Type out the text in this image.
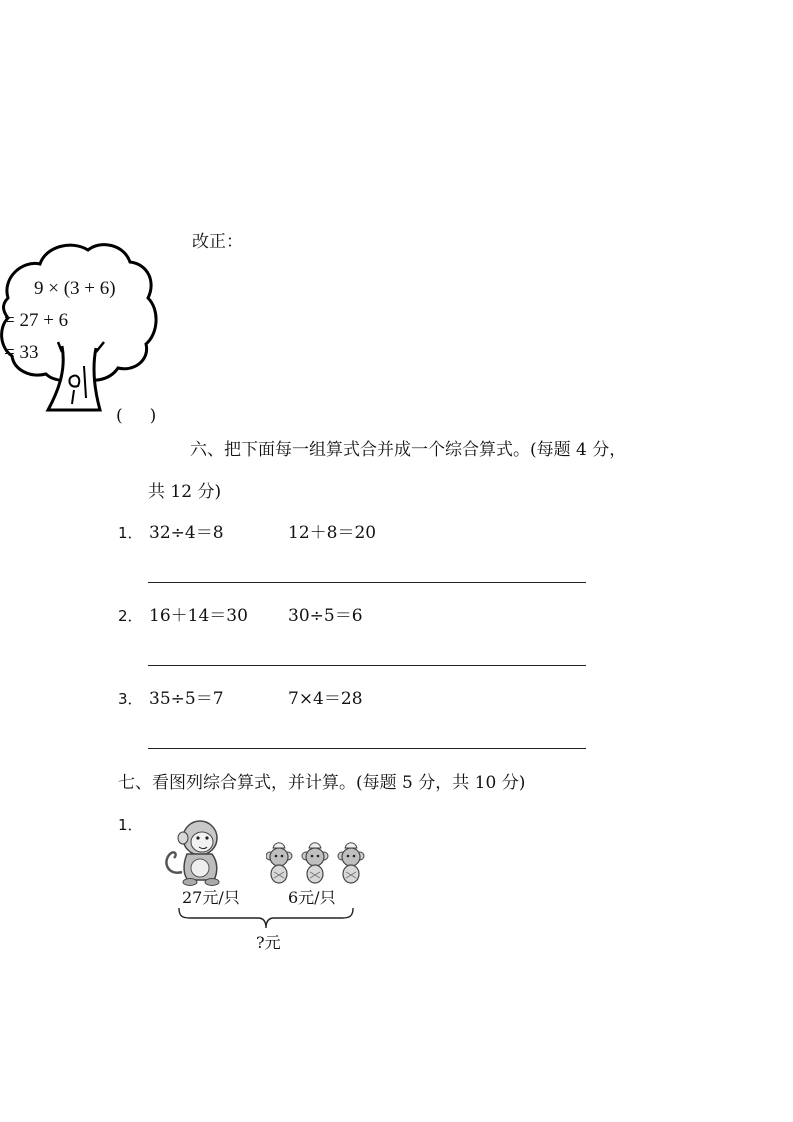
9 × (3 + 6)
= 27 + 6
= 33
改正：
(     )
六、把下面每一组算式合并成一个综合算式。(每题 4 分，
共 12 分)
1． 32÷4＝8	12＋8＝20
2． 16＋14＝30 30÷5＝6
3． 35÷5＝7	7×4＝28
七、看图列综合算式，并计算。(每题 5 分，共 10 分)
1．
27元/只	6元/只
?元
